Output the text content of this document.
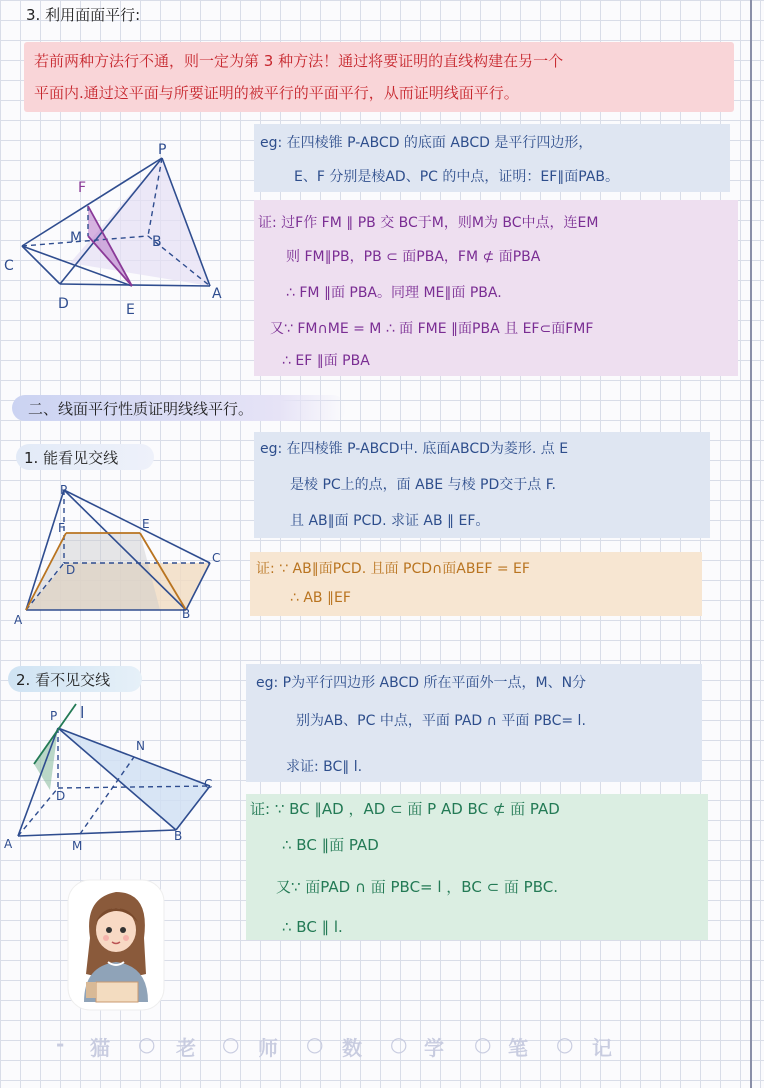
3. 利用面面平行:
若前两种方法行不通，则一定为第 3 种方法！通过将要证明的直线构建在另一个
平面内.通过这平面与所要证明的被平行的平面平行，从而证明线面平行。
P
F
M	B
C
D	E
A
eg: 在四棱锥 P-ABCD 的底面 ABCD 是平行四边形，
E、F 分别是棱AD、PC 的中点，证明：EF∥面PAB。
证: 过F作 FM ∥ PB 交 BC于M，则M为 BC中点，连EM
则 FM∥PB，PB ⊂ 面PBA，FM ⊄ 面PBA
∴ FM ∥面 PBA。同理 ME∥面 PBA.
又∵ FM∩ME = M ∴ 面 FME ∥面PBA 且 EF⊂面FMF
∴ EF ∥面 PBA
二、线面平行性质证明线线平行。
1. 能看见交线
P
F	E
D
C
A	B
eg: 在四棱锥 P-ABCD中. 底面ABCD为菱形. 点 E
是棱 PC上的点，面 ABE 与棱 PD交于点 F.
且 AB∥面 PCD. 求证 AB ∥ EF。
证: ∵ AB∥面PCD. 且面 PCD∩面ABEF = EF
∴ AB ∥EF
2. 看不见交线
P l
N
D
C
A	M
B
eg: P为平行四边形 ABCD 所在平面外一点，M、N分
别为AB、PC 中点，平面 PAD ∩ 平面 PBC= l.
求证: BC∥ l.
证: ∵ BC ∥AD ，AD ⊂ 面 P AD BC ⊄ 面 PAD
∴ BC ∥面 PAD
又∵ 面PAD ∩ 面 PBC= l ，BC ⊂ 面 PBC.
∴ BC ∥ l.
- 猫 ○ 老 ○ 师 ○ 数 ○ 学 ○ 笔 ○ 记
